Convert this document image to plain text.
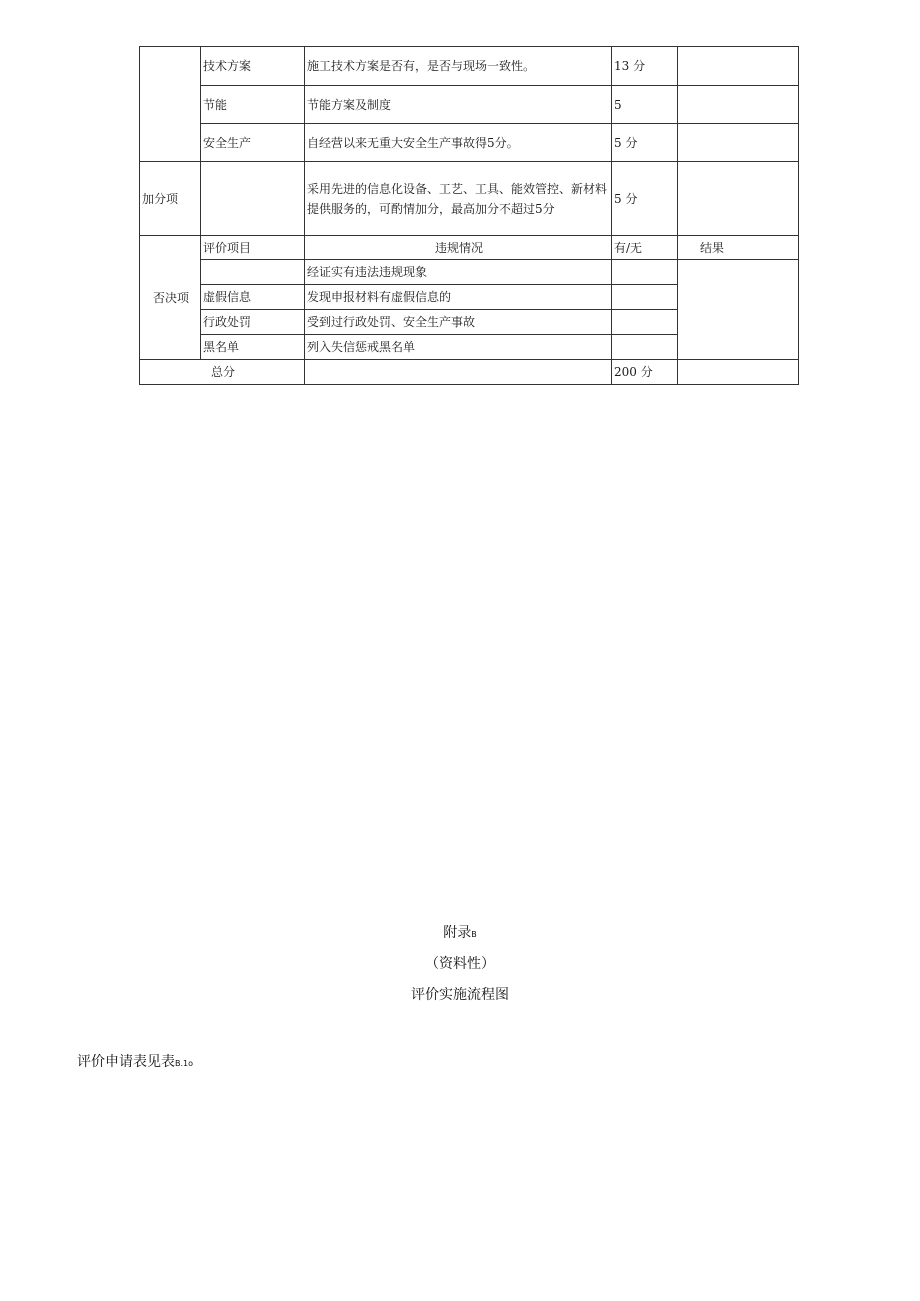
	技术方案	施工技术方案是否有，是否与现场一致性。	13 分	
	节能	节能方案及制度	5	
	安全生产	自经营以来无重大安全生产事故得5分。	5 分	
加分项		采用先进的信息化设备、工艺、工具、能效管控、新材料提供服务的，可酌情加分，最高加分不超过5分	5 分	
否决项	评价项目	违规情况	有/无	结果
		经证实有违法违规现象		
	虚假信息	发现申报材料有虚假信息的		
	行政处罚	受到过行政处罚、安全生产事故		
	黑名单	列入失信惩戒黑名单		
总分			200 分	
附录B
（资料性）
评价实施流程图
评价申请表见表B.1o
